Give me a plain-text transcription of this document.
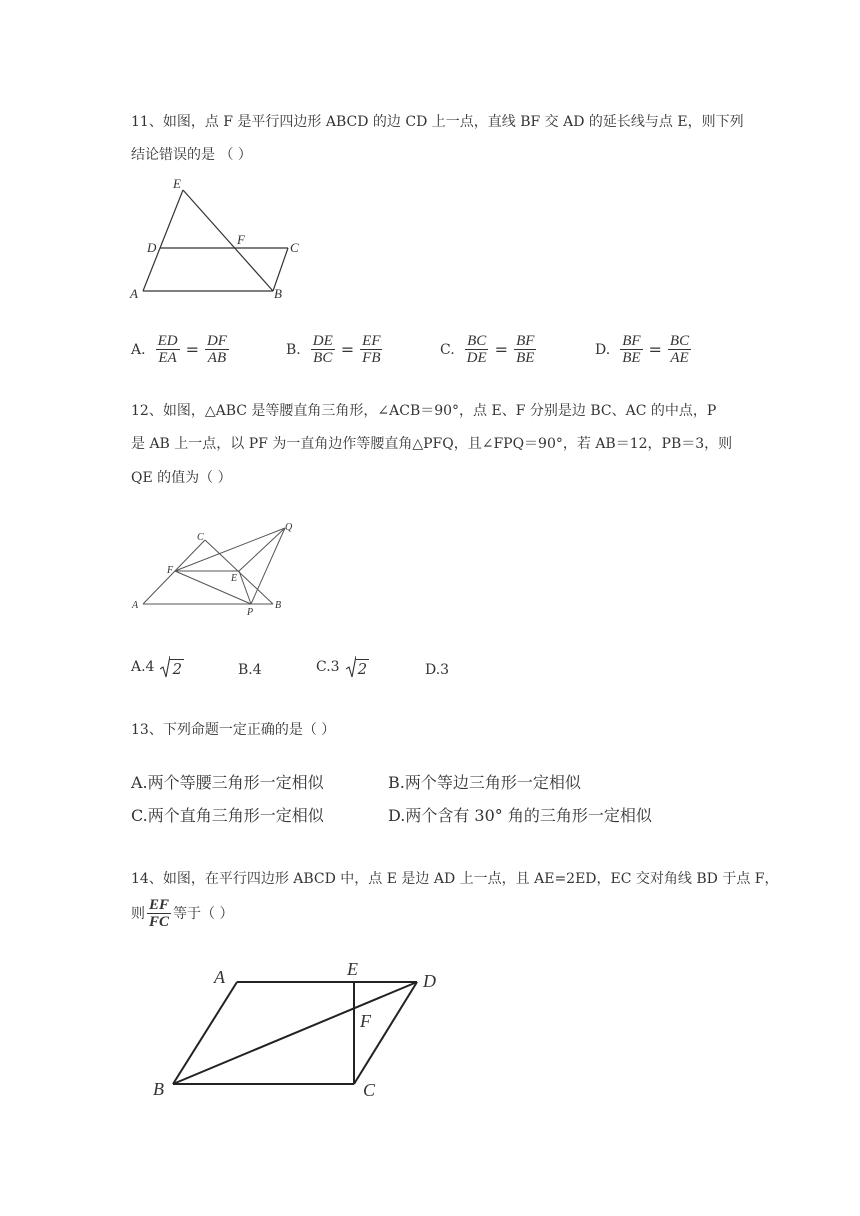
11、如图，点 F 是平行四边形 ABCD 的边 CD 上一点，直线 BF 交 AD 的延长线与点 E，则下列
结论错误的是 （ ）
E
D
F
C
A	B
A. $\frac{ED}{EA} = \frac{DF}{AB}$	B. $\frac{DE}{BC} = \frac{EF}{FB}$	C. $\frac{BC}{DE} = \frac{BF}{BE}$	D. $\frac{BF}{BE} = \frac{BC}{AE}$
12、如图，△ABC 是等腰直角三角形，∠ACB＝90°，点 E、F 分别是边 BC、AC 的中点，P
是 AB 上一点，以 PF 为一直角边作等腰直角△PFQ，且∠FPQ＝90°，若 AB＝12，PB＝3，则
QE 的值为（ ）
C
Q
F
E
A
P
B
A.4 2	B.4	C.3 2	D.3
13、下列命题一定正确的是（ ）
A.两个等腰三角形一定相似	B.两个等边三角形一定相似
C.两个直角三角形一定相似	D.两个含有 30° 角的三角形一定相似
14、如图，在平行四边形 ABCD 中，点 E 是边 AD 上一点，且 AE=2ED，EC 交对角线 BD 于点 F，
则 $\frac{EF}{FC}$ 等于（ ）
A	E
D
F
B	C
